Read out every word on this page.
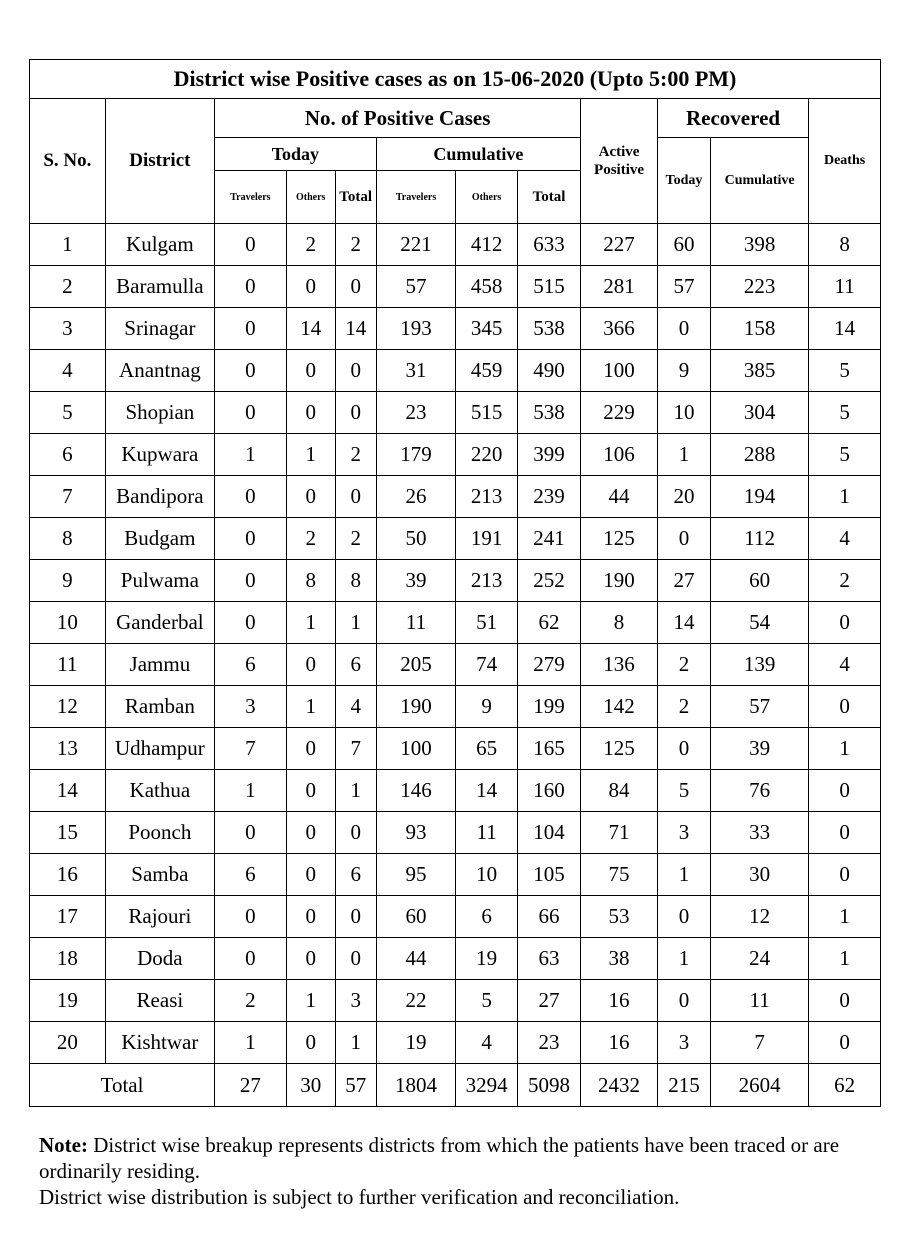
District wise Positive cases as on 15-06-2020 (Upto 5:00 PM)											
S. No.	District	No. of Positive Cases						Active Positive	Recovered		Deaths
		Today			Cumulative				Today	Cumulative	
		Travelers	Others	Total	Travelers	Others	Total				
1	Kulgam	0	2	2	221	412	633	227	60	398	8
2	Baramulla	0	0	0	57	458	515	281	57	223	11
3	Srinagar	0	14	14	193	345	538	366	0	158	14
4	Anantnag	0	0	0	31	459	490	100	9	385	5
5	Shopian	0	0	0	23	515	538	229	10	304	5
6	Kupwara	1	1	2	179	220	399	106	1	288	5
7	Bandipora	0	0	0	26	213	239	44	20	194	1
8	Budgam	0	2	2	50	191	241	125	0	112	4
9	Pulwama	0	8	8	39	213	252	190	27	60	2
10	Ganderbal	0	1	1	11	51	62	8	14	54	0
11	Jammu	6	0	6	205	74	279	136	2	139	4
12	Ramban	3	1	4	190	9	199	142	2	57	0
13	Udhampur	7	0	7	100	65	165	125	0	39	1
14	Kathua	1	0	1	146	14	160	84	5	76	0
15	Poonch	0	0	0	93	11	104	71	3	33	0
16	Samba	6	0	6	95	10	105	75	1	30	0
17	Rajouri	0	0	0	60	6	66	53	0	12	1
18	Doda	0	0	0	44	19	63	38	1	24	1
19	Reasi	2	1	3	22	5	27	16	0	11	0
20	Kishtwar	1	0	1	19	4	23	16	3	7	0
Total		27	30	57	1804	3294	5098	2432	215	2604	62
Note: District wise breakup represents districts from which the patients have been traced or are ordinarily residing.
District wise distribution is subject to further verification and reconciliation.
